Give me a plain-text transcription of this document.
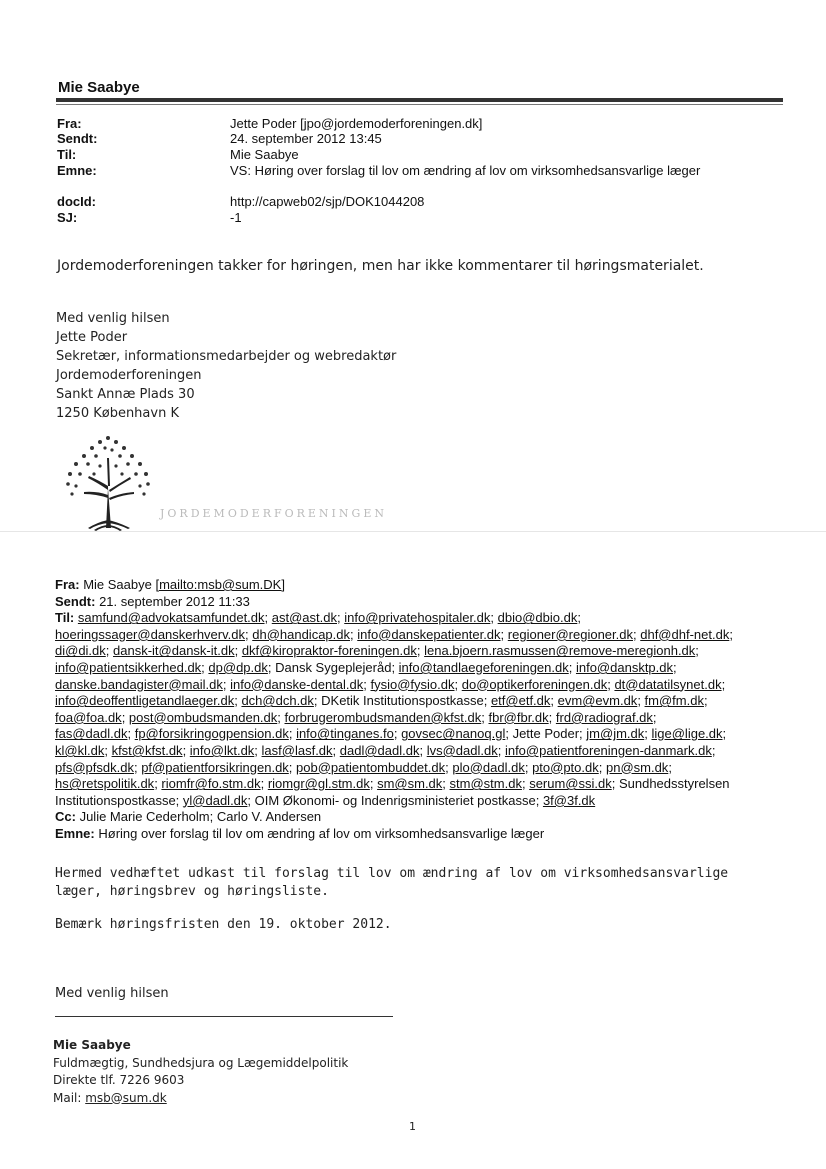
Mie Saabye
Fra:	Jette Poder [jpo@jordemoderforeningen.dk]
Sendt:	24. september 2012 13:45
Til:	Mie Saabye
Emne:	VS: Høring over forslag til lov om ændring af lov om virksomhedsansvarlige læger
docId:	http://capweb02/sjp/DOK1044208
SJ:	-1
Jordemoderforeningen takker for høringen, men har ikke kommentarer til høringsmaterialet.
Med venlig hilsen
Jette Poder
Sekretær, informationsmedarbejder og webredaktør
Jordemoderforeningen
Sankt Annæ Plads 30
1250 København K
JORDEMODERFORENINGEN
Fra: Mie Saabye [mailto:msb@sum.DK]
Sendt: 21. september 2012 11:33
Til: samfund@advokatsamfundet.dk; ast@ast.dk; info@privatehospitaler.dk; dbio@dbio.dk;
hoeringssager@danskerhverv.dk; dh@handicap.dk; info@danskepatienter.dk; regioner@regioner.dk; dhf@dhf-net.dk;
di@di.dk; dansk-it@dansk-it.dk; dkf@kiropraktor-foreningen.dk; lena.bjoern.rasmussen@remove-meregionh.dk;
info@patientsikkerhed.dk; dp@dp.dk; Dansk Sygeplejeråd; info@tandlaegeforeningen.dk; info@dansktp.dk;
danske.bandagister@mail.dk; info@danske-dental.dk; fysio@fysio.dk; do@optikerforeningen.dk; dt@datatilsynet.dk;
info@deoffentligetandlaeger.dk; dch@dch.dk; DKetik Institutionspostkasse; etf@etf.dk; evm@evm.dk; fm@fm.dk;
foa@foa.dk; post@ombudsmanden.dk; forbrugerombudsmanden@kfst.dk; fbr@fbr.dk; frd@radiograf.dk;
fas@dadl.dk; fp@forsikringogpension.dk; info@tinganes.fo; govsec@nanoq.gl; Jette Poder; jm@jm.dk; lige@lige.dk;
kl@kl.dk; kfst@kfst.dk; info@lkt.dk; lasf@lasf.dk; dadl@dadl.dk; lvs@dadl.dk; info@patientforeningen-danmark.dk;
pfs@pfsdk.dk; pf@patientforsikringen.dk; pob@patientombuddet.dk; plo@dadl.dk; pto@pto.dk; pn@sm.dk;
hs@retspolitik.dk; riomfr@fo.stm.dk; riomgr@gl.stm.dk; sm@sm.dk; stm@stm.dk; serum@ssi.dk; Sundhedsstyrelsen
Institutionspostkasse; yl@dadl.dk; OIM Økonomi- og Indenrigsministeriet postkasse; 3f@3f.dk
Cc: Julie Marie Cederholm; Carlo V. Andersen
Emne: Høring over forslag til lov om ændring af lov om virksomhedsansvarlige læger
Hermed vedhæftet udkast til forslag til lov om ændring af lov om virksomhedsansvarlige
læger, høringsbrev og høringsliste.
Bemærk høringsfristen den 19. oktober 2012.
Med venlig hilsen
Mie Saabye
Fuldmægtig, Sundhedsjura og Lægemiddelpolitik
Direkte tlf. 7226 9603
Mail: msb@sum.dk
1
